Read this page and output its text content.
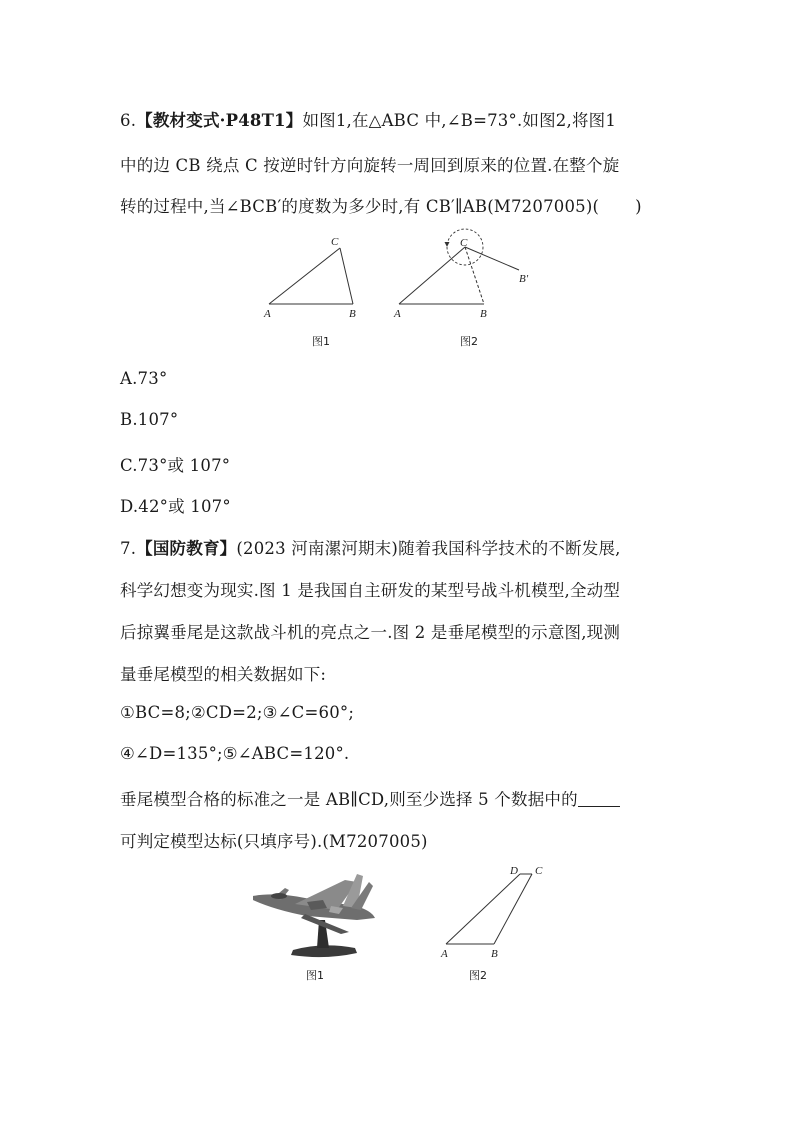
6.【教材变式·P48T1】如图1,在△ABC 中,∠B=73°.如图2,将图1
中的边 CB 绕点 C 按逆时针方向旋转一周回到原来的位置.在整个旋
转的过程中,当∠BCB′的度数为多少时,有 CB′∥AB(M7207005)( )
A	B
C
图1
A	B
C
B′
图2
A.73°
B.107°
C.73°或 107°
D.42°或 107°
7.【国防教育】(2023 河南漯河期末)随着我国科学技术的不断发展,
科学幻想变为现实.图 1 是我国自主研发的某型号战斗机模型,全动型
后掠翼垂尾是这款战斗机的亮点之一.图 2 是垂尾模型的示意图,现测
量垂尾模型的相关数据如下:
①BC=8;②CD=2;③∠C=60°;
④∠D=135°;⑤∠ABC=120°.
垂尾模型合格的标准之一是 AB∥CD,则至少选择 5 个数据中的
可判定模型达标(只填序号).(M7207005)
图1
A	B
D C
图2
